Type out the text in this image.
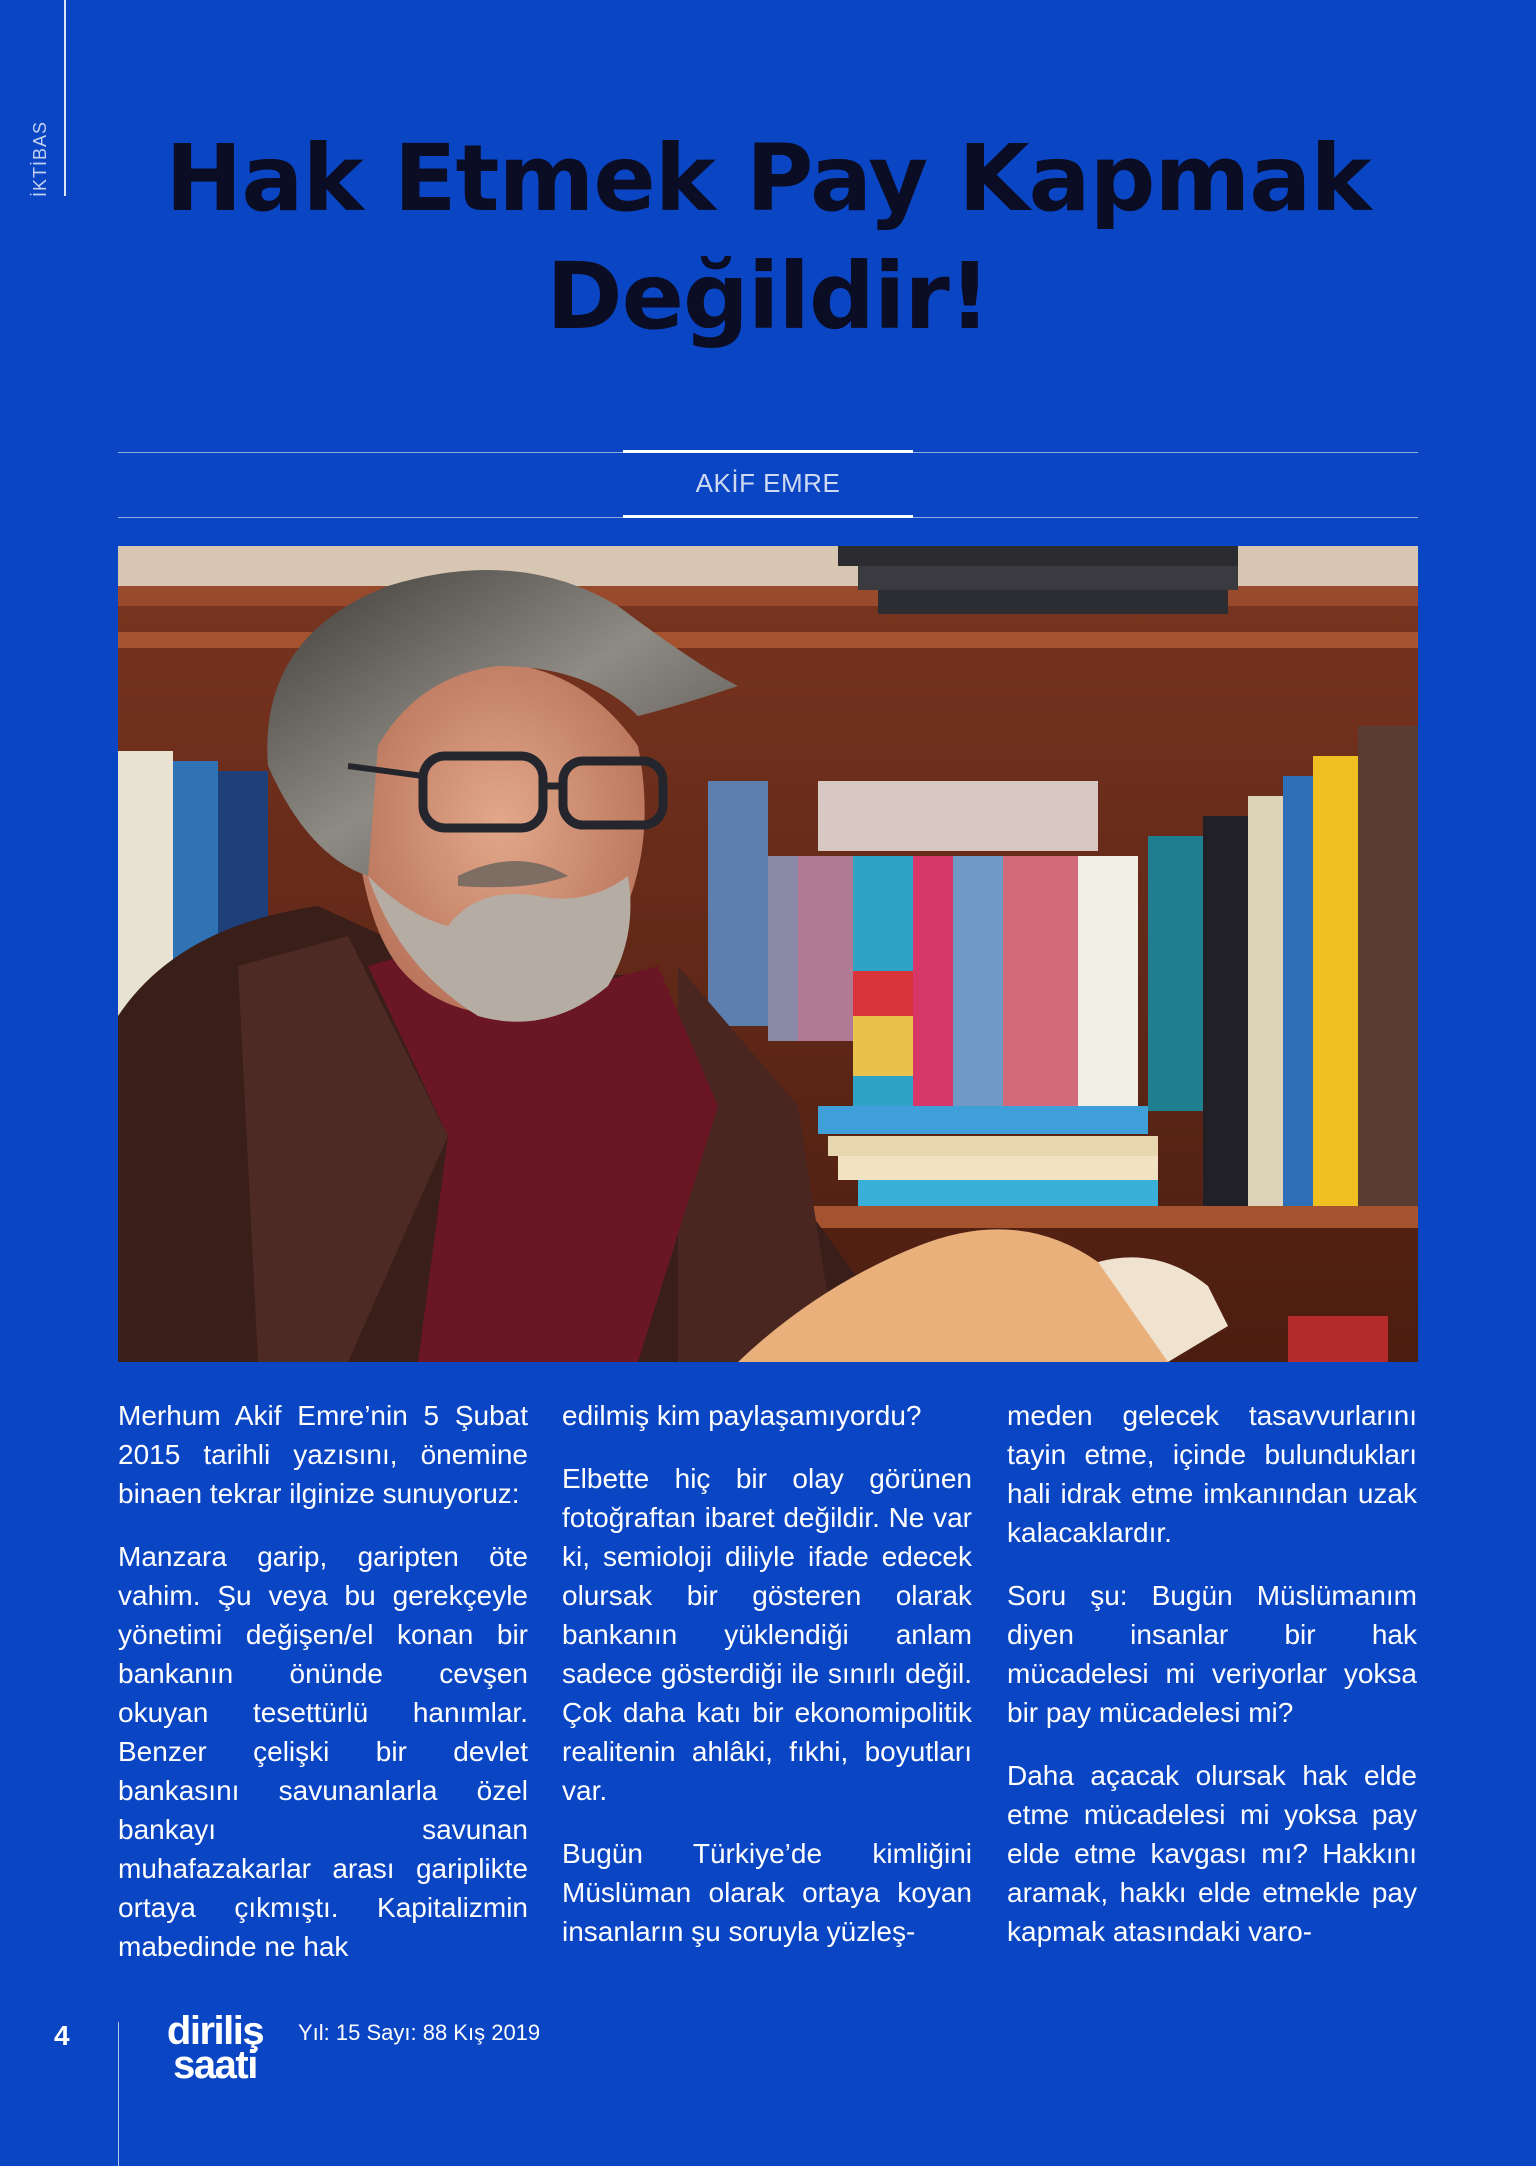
İKTİBAS	Hak Etmek Pay Kapmak Değildir!
AKİF EMRE

Merhum Akif Emre’nin 5 Şubat 2015 tarihli yazısını, önemine binaen tekrar ilginize sunuyoruz:

Manzara garip, garipten öte vahim. Şu veya bu gerekçeyle yönetimi değişen/el konan bir bankanın önünde cevşen okuyan tesettürlü hanımlar. Benzer çelişki bir devlet bankasını savunanlarla özel bankayı savunan muhafazakarlar arası gariplikte ortaya çıkmıştı. Kapitalizmin mabedinde ne hak

edilmiş kim paylaşamıyordu?

Elbette hiç bir olay görünen fotoğraftan ibaret değildir. Ne var ki, semioloji diliyle ifade edecek olursak bir gösteren olarak bankanın yüklendiği anlam sadece gösterdiği ile sınırlı değil. Çok daha katı bir ekonomipolitik realitenin ahlâki, fıkhi, boyutları var.

Bugün Türkiye’de kimliğini Müslüman olarak ortaya koyan insanların şu soruyla yüzleş-

meden gelecek tasavvurlarını tayin etme, içinde bulundukları hali idrak etme imkanından uzak kalacaklardır.

Soru şu: Bugün Müslümanım diyen insanlar bir hak mücadelesi mi veriyorlar yoksa bir pay mücadelesi mi?

Daha açacak olursak hak elde etme mücadelesi mi yoksa pay elde etme kavgası mı? Hakkını aramak, hakkı elde etmekle pay kapmak atasındaki varo-

4	diriliş
saati
Yıl: 15 Sayı: 88 Kış 2019
